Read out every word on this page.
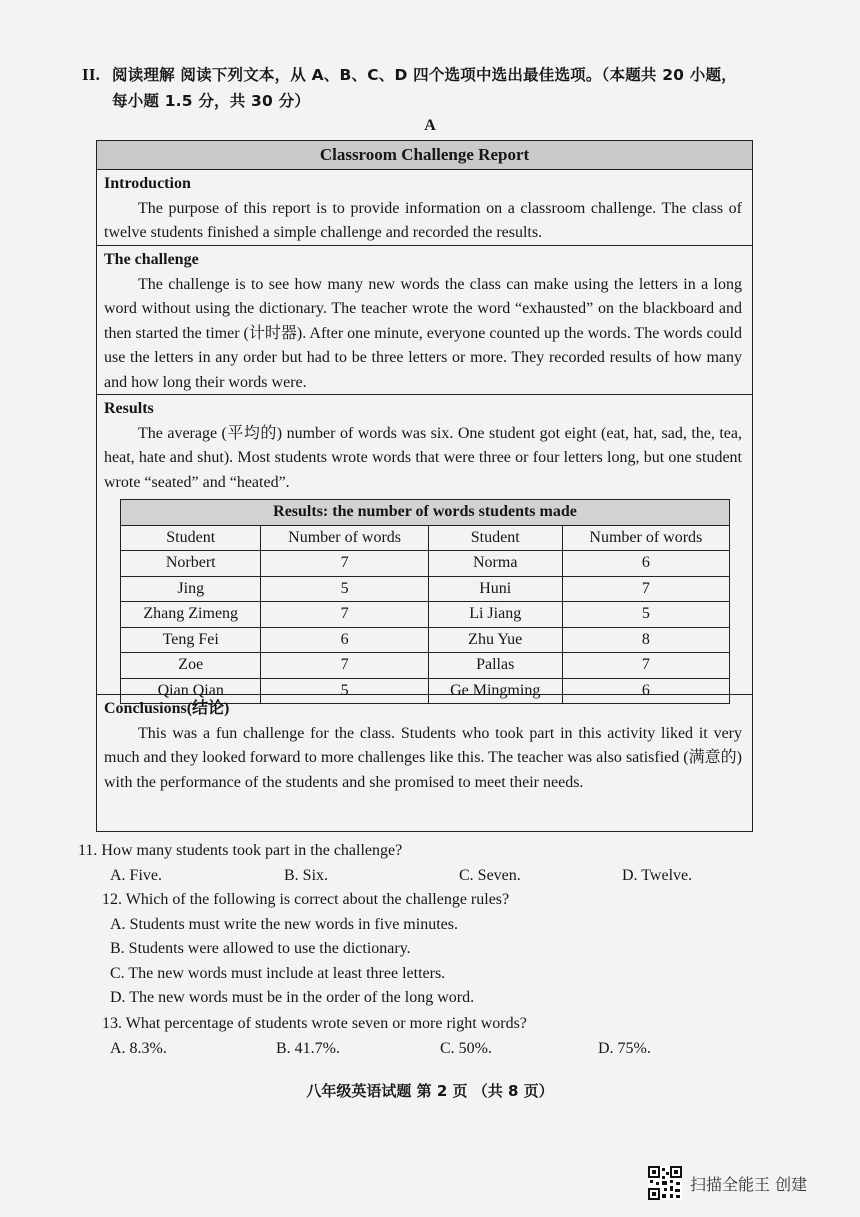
II. 阅读理解 阅读下列文本，从 A、B、C、D 四个选项中选出最佳选项。（本题共 20 小题，
每小题 1.5 分，共 30 分）
A
Classroom Challenge Report
Introduction

The purpose of this report is to provide information on a classroom challenge. The class of twelve students finished a simple challenge and recorded the results.

The challenge

The challenge is to see how many new words the class can make using the letters in a long word without using the dictionary. The teacher wrote the word “exhausted” on the blackboard and then started the timer (计时器). After one minute, everyone counted up the words. The words could use the letters in any order but had to be three letters or more. They recorded results of how many and how long their words were.

Results

The average (平均的) number of words was six. One student got eight (eat, hat, sad, the, tea, heat, hate and shut). Most students wrote words that were three or four letters long, but one student wrote “seated” and “heated”.

Results: the number of words students made			
Student	Number of words	Student	Number of words
Norbert	7	Norma	6
Jing	5	Huni	7
Zhang Zimeng	7	Li Jiang	5
Teng Fei	6	Zhu Yue	8
Zoe	7	Pallas	7
Qian Qian	5	Ge Mingming	6
Conclusions(结论)

This was a fun challenge for the class. Students who took part in this activity liked it very much and they looked forward to more challenges like this. The teacher was also satisfied (满意的) with the performance of the students and she promised to meet their needs.

11. How many students took part in the challenge?
A. Five.	B. Six.	C. Seven.	D. Twelve.
12. Which of the following is correct about the challenge rules?
A. Students must write the new words in five minutes.
B. Students were allowed to use the dictionary.
C. The new words must include at least three letters.
D. The new words must be in the order of the long word.
13. What percentage of students wrote seven or more right words?
A. 8.3%.	B. 41.7%.	C. 50%.	D. 75%.
八年级英语试题 第 2 页 （共 8 页）
扫描全能王 创建
